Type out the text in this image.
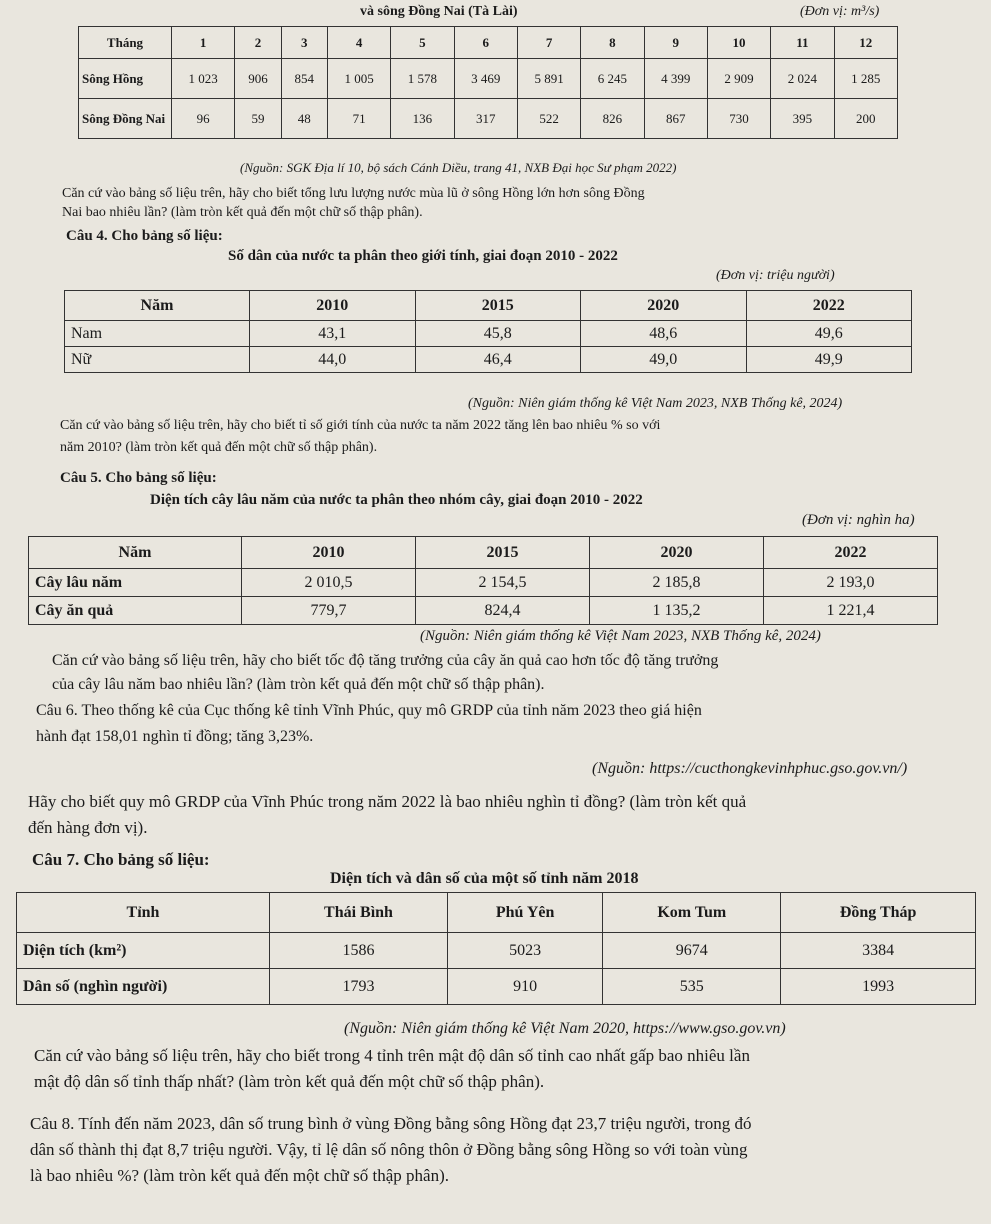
và sông Đồng Nai (Tà Lài)	(Đơn vị: m³/s)
Tháng	1	2	3	4	5	6	7	8	9	10	11	12
Sông Hồng	1 023	906	854	1 005	1 578	3 469	5 891	6 245	4 399	2 909	2 024	1 285
Sông Đồng Nai	96	59	48	71	136	317	522	826	867	730	395	200
(Nguồn: SGK Địa lí 10, bộ sách Cánh Diều, trang 41, NXB Đại học Sư phạm 2022)
Căn cứ vào bảng số liệu trên, hãy cho biết tổng lưu lượng nước mùa lũ ở sông Hồng lớn hơn sông Đồng
Nai bao nhiêu lần? (làm tròn kết quả đến một chữ số thập phân).
Câu 4. Cho bảng số liệu:
Số dân của nước ta phân theo giới tính, giai đoạn 2010 - 2022
(Đơn vị: triệu người)
Năm	2010	2015	2020	2022
Nam	43,1	45,8	48,6	49,6
Nữ	44,0	46,4	49,0	49,9
(Nguồn: Niên giám thống kê Việt Nam 2023, NXB Thống kê, 2024)
Căn cứ vào bảng số liệu trên, hãy cho biết tỉ số giới tính của nước ta năm 2022 tăng lên bao nhiêu % so với
năm 2010? (làm tròn kết quả đến một chữ số thập phân).
Câu 5. Cho bảng số liệu:
Diện tích cây lâu năm của nước ta phân theo nhóm cây, giai đoạn 2010 - 2022
(Đơn vị: nghìn ha)
Năm	2010	2015	2020	2022
Cây lâu năm	2 010,5	2 154,5	2 185,8	2 193,0
Cây ăn quả	779,7	824,4	1 135,2	1 221,4
(Nguồn: Niên giám thống kê Việt Nam 2023, NXB Thống kê, 2024)
Căn cứ vào bảng số liệu trên, hãy cho biết tốc độ tăng trưởng của cây ăn quả cao hơn tốc độ tăng trưởng
của cây lâu năm bao nhiêu lần? (làm tròn kết quả đến một chữ số thập phân).
Câu 6. Theo thống kê của Cục thống kê tỉnh Vĩnh Phúc, quy mô GRDP của tỉnh năm 2023 theo giá hiện
hành đạt 158,01 nghìn tỉ đồng; tăng 3,23%.
(Nguồn: https://cucthongkevinhphuc.gso.gov.vn/)
Hãy cho biết quy mô GRDP của Vĩnh Phúc trong năm 2022 là bao nhiêu nghìn tỉ đồng? (làm tròn kết quả
đến hàng đơn vị).
Câu 7. Cho bảng số liệu:
Diện tích và dân số của một số tỉnh năm 2018
Tỉnh	Thái Bình	Phú Yên	Kom Tum	Đồng Tháp
Diện tích (km²)	1586	5023	9674	3384
Dân số (nghìn người)	1793	910	535	1993
(Nguồn: Niên giám thống kê Việt Nam 2020, https://www.gso.gov.vn)
Căn cứ vào bảng số liệu trên, hãy cho biết trong 4 tỉnh trên mật độ dân số tỉnh cao nhất gấp bao nhiêu lần
mật độ dân số tỉnh thấp nhất? (làm tròn kết quả đến một chữ số thập phân).
Câu 8. Tính đến năm 2023, dân số trung bình ở vùng Đồng bằng sông Hồng đạt 23,7 triệu người, trong đó
dân số thành thị đạt 8,7 triệu người. Vậy, tỉ lệ dân số nông thôn ở Đồng bằng sông Hồng so với toàn vùng
là bao nhiêu %? (làm tròn kết quả đến một chữ số thập phân).
